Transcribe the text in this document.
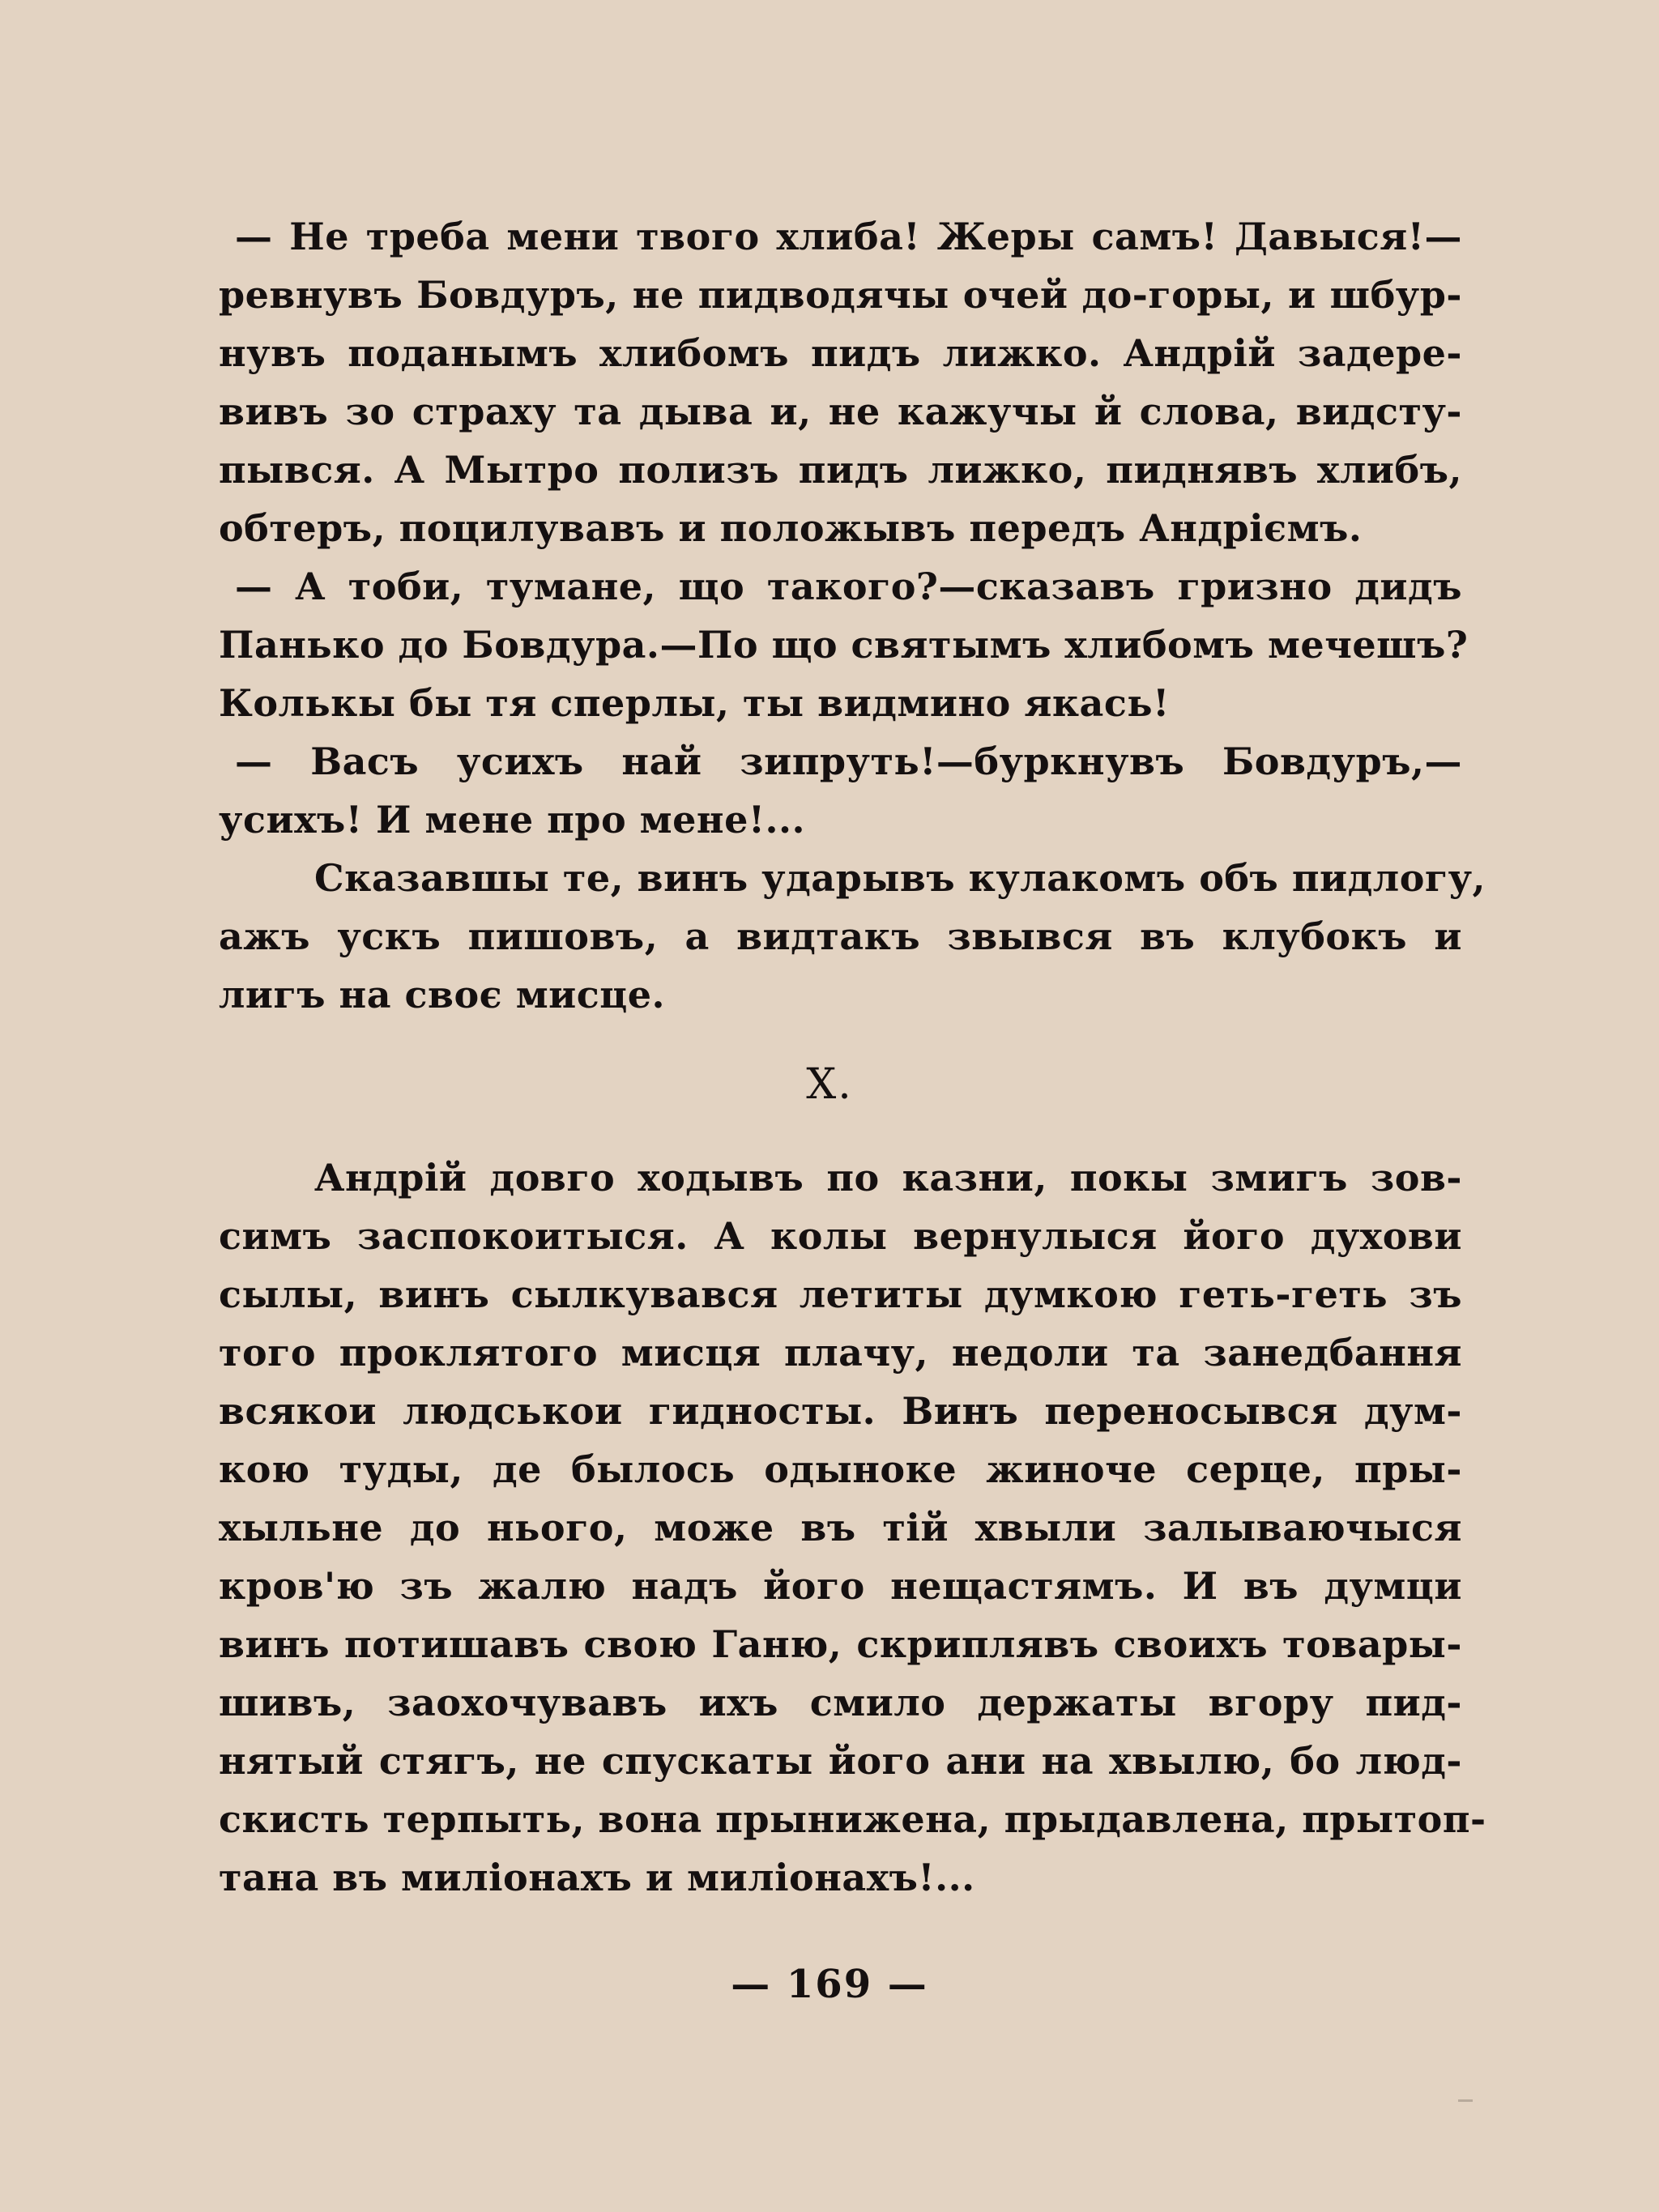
— Не треба мени твого хлиба! Жеры самъ! Давыся!—
ревнувъ Бовдуръ, не пидводячы очей до-горы, и шбур-
нувъ поданымъ хлибомъ пидъ лижко. Андрій задере-
вивъ зо страху та дыва и, не кажучы й слова, видсту-
пывся. А Мытро полизъ пидъ лижко, пиднявъ хлибъ,
обтеръ, поцилувавъ и положывъ передъ Андріємъ.
— А тоби, тумане, що такого?—сказавъ гризно дидъ
Панько до Бовдура.—По що святымъ хлибомъ мечешъ?
Колькы бы тя сперлы, ты видмино якась!
— Васъ усихъ най зипруть!—буркнувъ Бовдуръ,—
усихъ! И мене про мене!...
Сказавшы те, винъ ударывъ кулакомъ объ пидлогу,
ажъ ускъ пишовъ, а видтакъ звывся въ клубокъ и
лигъ на своє мисце.
X.
Андрій довго ходывъ по казни, покы змигъ зов-
симъ заспокоитыся. А колы вернулыся його духови
сылы, винъ сылкувався летиты думкою геть-геть зъ
того проклятого мисця плачу, недоли та занедбання
всякои людськои гидносты. Винъ переносывся дум-
кою туды, де былось одыноке жиноче серце, пры-
хыльне до нього, може въ тій хвыли залываючыся
кров'ю зъ жалю надъ його нещастямъ. И въ думци
винъ потишавъ свою Ганю, скриплявъ своихъ товары-
шивъ, заохочувавъ ихъ смило держаты вгору пид-
нятый стягъ, не спускаты його ани на хвылю, бо люд-
скисть терпыть, вона прынижена, прыдавлена, прытоп-
тана въ миліонахъ и миліонахъ!...
— 169 —
